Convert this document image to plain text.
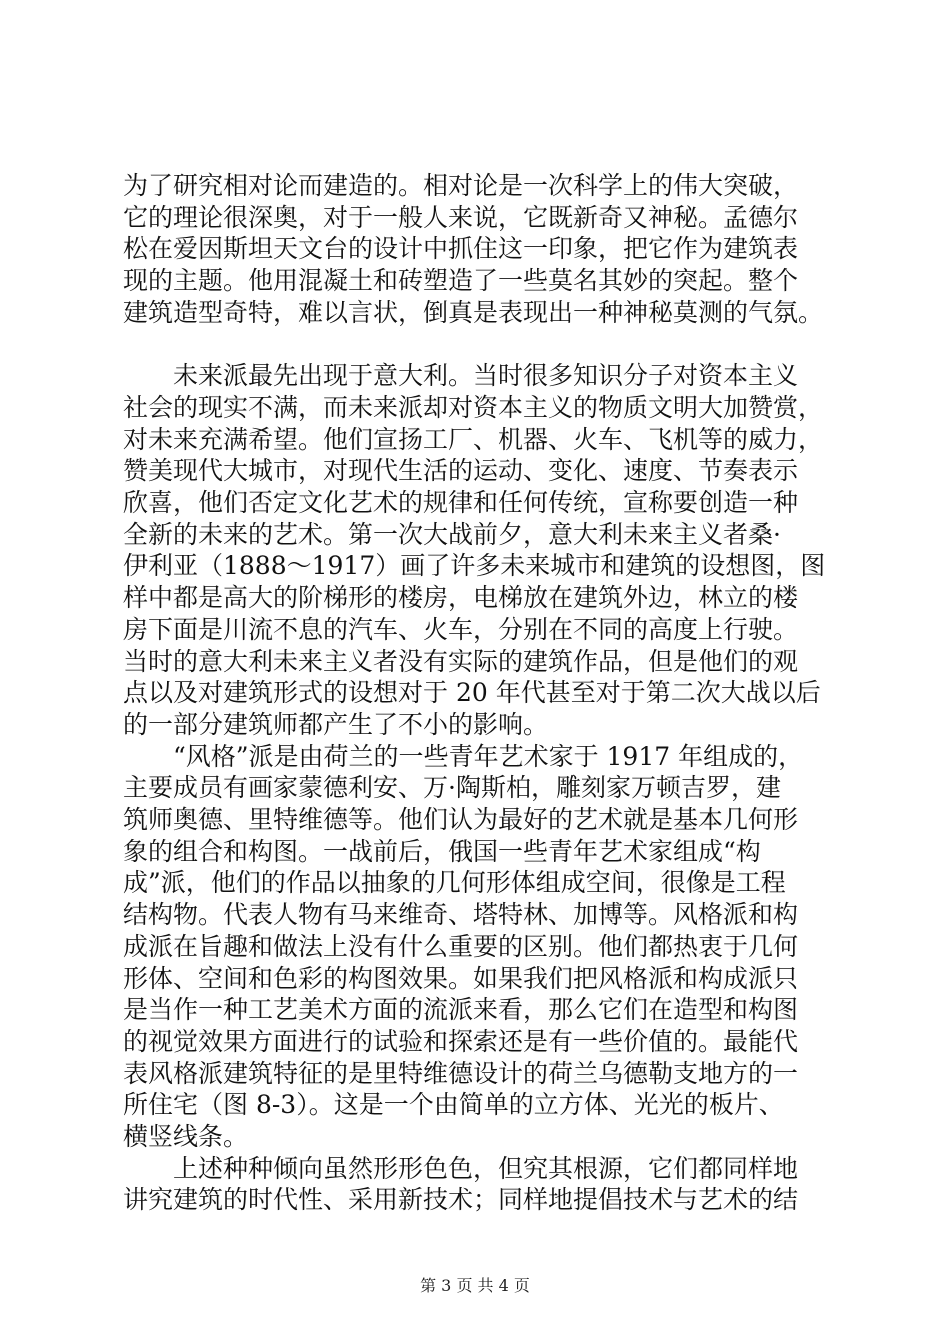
为了研究相对论而建造的。相对论是一次科学上的伟大突破，
它的理论很深奥，对于一般人来说，它既新奇又神秘。孟德尔
松在爱因斯坦天文台的设计中抓住这一印象，把它作为建筑表
现的主题。他用混凝土和砖塑造了一些莫名其妙的突起。整个
建筑造型奇特，难以言状，倒真是表现出一种神秘莫测的气氛。
　　未来派最先出现于意大利。当时很多知识分子对资本主义
社会的现实不满，而未来派却对资本主义的物质文明大加赞赏，
对未来充满希望。他们宣扬工厂、机器、火车、飞机等的威力，
赞美现代大城市，对现代生活的运动、变化、速度、节奏表示
欣喜，他们否定文化艺术的规律和任何传统，宣称要创造一种
全新的未来的艺术。第一次大战前夕，意大利未来主义者桑·
伊利亚（1888～1917）画了许多未来城市和建筑的设想图，图
样中都是高大的阶梯形的楼房，电梯放在建筑外边，林立的楼
房下面是川流不息的汽车、火车，分别在不同的高度上行驶。
当时的意大利未来主义者没有实际的建筑作品，但是他们的观
点以及对建筑形式的设想对于 20 年代甚至对于第二次大战以后
的一部分建筑师都产生了不小的影响。
　　“风格”派是由荷兰的一些青年艺术家于 1917 年组成的，
主要成员有画家蒙德利安、万·陶斯柏，雕刻家万顿吉罗，建
筑师奥德、里特维德等。他们认为最好的艺术就是基本几何形
象的组合和构图。一战前后，俄国一些青年艺术家组成“构
成”派，他们的作品以抽象的几何形体组成空间，很像是工程
结构物。代表人物有马来维奇、塔特林、加博等。风格派和构
成派在旨趣和做法上没有什么重要的区别。他们都热衷于几何
形体、空间和色彩的构图效果。如果我们把风格派和构成派只
是当作一种工艺美术方面的流派来看，那么它们在造型和构图
的视觉效果方面进行的试验和探索还是有一些价值的。最能代
表风格派建筑特征的是里特维德设计的荷兰乌德勒支地方的一
所住宅（图 8-3）。这是一个由简单的立方体、光光的板片、
横竖线条。
　　上述种种倾向虽然形形色色，但究其根源，它们都同样地
讲究建筑的时代性、采用新技术；同样地提倡技术与艺术的结
第 3 页 共 4 页
